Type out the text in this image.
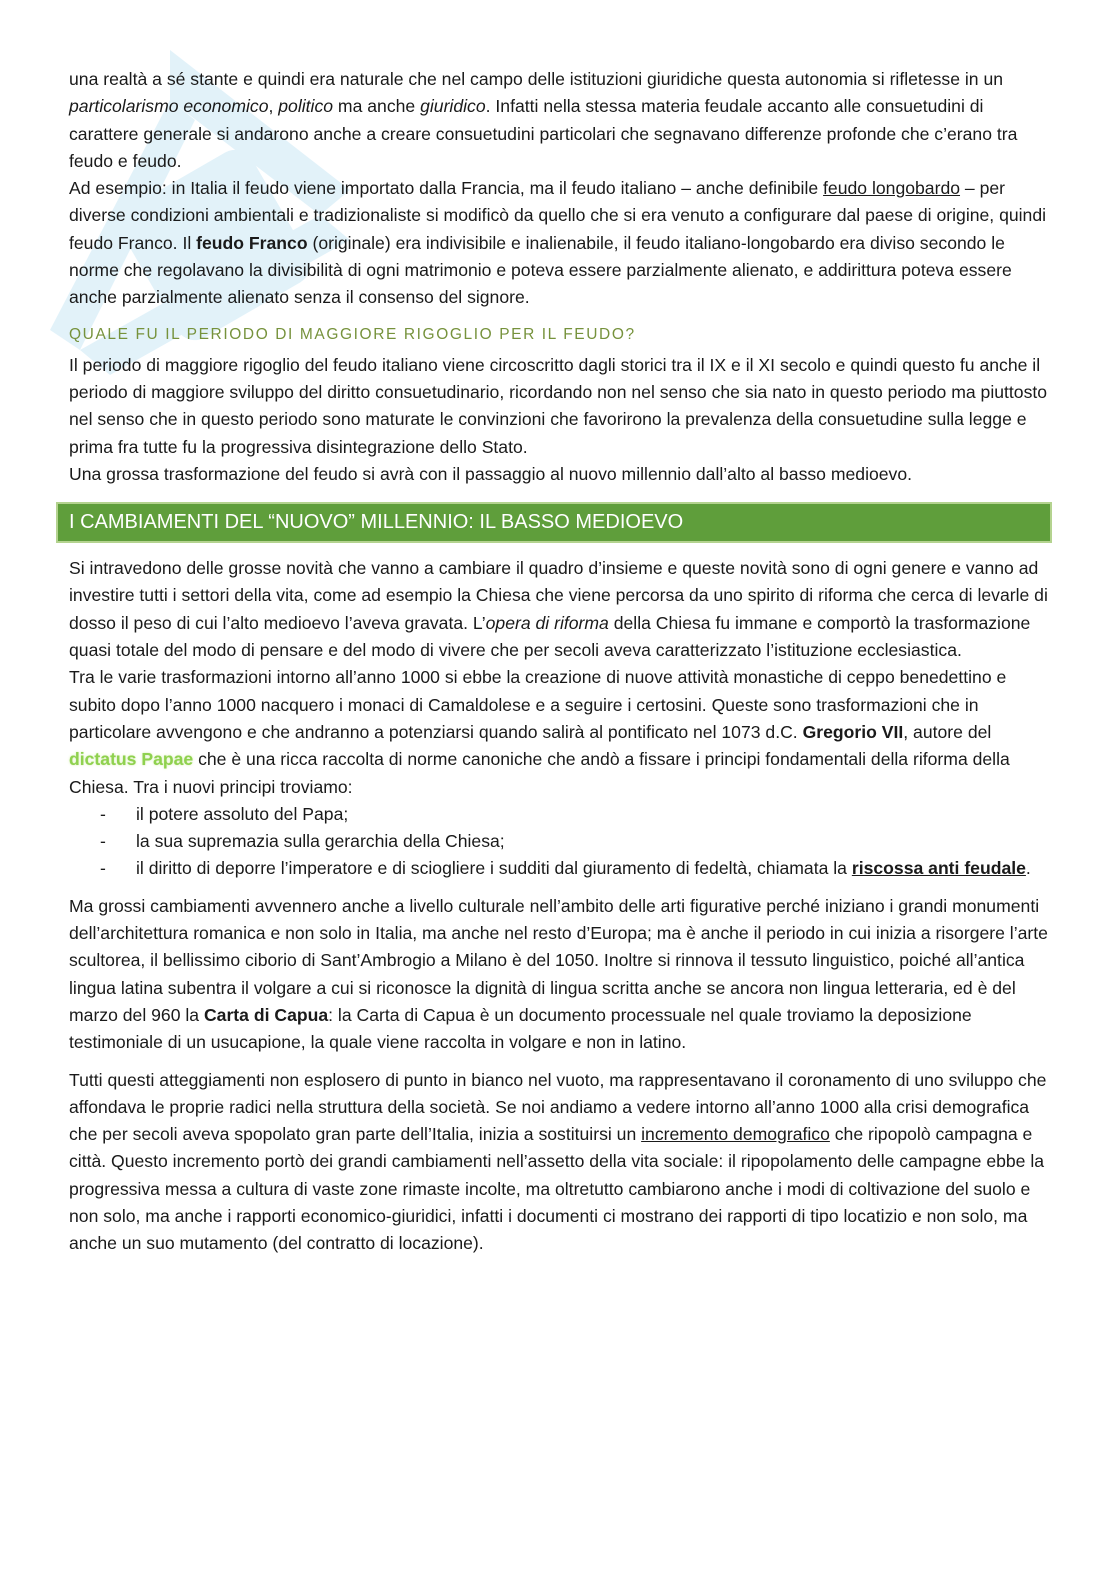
una realtà a sé stante e quindi era naturale che nel campo delle istituzioni giuridiche questa autonomia si rifletesse in un particolarismo economico, politico ma anche giuridico. Infatti nella stessa materia feudale accanto alle consuetudini di carattere generale si andarono anche a creare consuetudini particolari che segnavano differenze profonde che c’erano tra feudo e feudo.

Ad esempio: in Italia il feudo viene importato dalla Francia, ma il feudo italiano – anche definibile feudo longobardo – per diverse condizioni ambientali e tradizionaliste si modificò da quello che si era venuto a configurare dal paese di origine, quindi feudo Franco. Il feudo Franco (originale) era indivisibile e inalienabile, il feudo italiano-longobardo era diviso secondo le norme che regolavano la divisibilità di ogni matrimonio e poteva essere parzialmente alienato, e addirittura poteva essere anche parzialmente alienato senza il consenso del signore.

QUALE FU IL PERIODO DI MAGGIORE RIGOGLIO PER IL FEUDO?

Il periodo di maggiore rigoglio del feudo italiano viene circoscritto dagli storici tra il IX e il XI secolo e quindi questo fu anche il periodo di maggiore sviluppo del diritto consuetudinario, ricordando non nel senso che sia nato in questo periodo ma piuttosto nel senso che in questo periodo sono maturate le convinzioni che favorirono la prevalenza della consuetudine sulla legge e prima fra tutte fu la progressiva disintegrazione dello Stato.

Una grossa trasformazione del feudo si avrà con il passaggio al nuovo millennio dall’alto al basso medioevo.

I CAMBIAMENTI DEL “NUOVO” MILLENNIO: IL BASSO MEDIOEVO

Si intravedono delle grosse novità che vanno a cambiare il quadro d’insieme e queste novità sono di ogni genere e vanno ad investire tutti i settori della vita, come ad esempio la Chiesa che viene percorsa da uno spirito di riforma che cerca di levarle di dosso il peso di cui l’alto medioevo l’aveva gravata. L’opera di riforma della Chiesa fu immane e comportò la trasformazione quasi totale del modo di pensare e del modo di vivere che per secoli aveva caratterizzato l’istituzione ecclesiastica.

Tra le varie trasformazioni intorno all’anno 1000 si ebbe la creazione di nuove attività monastiche di ceppo benedettino e subito dopo l’anno 1000 nacquero i monaci di Camaldolese e a seguire i certosini. Queste sono trasformazioni che in particolare avvengono e che andranno a potenziarsi quando salirà al pontificato nel 1073 d.C. Gregorio VII, autore del dictatus Papae che è una ricca raccolta di norme canoniche che andò a fissare i principi fondamentali della riforma della Chiesa. Tra i nuovi principi troviamo:

- il potere assoluto del Papa;
- la sua supremazia sulla gerarchia della Chiesa;
- il diritto di deporre l’imperatore e di sciogliere i sudditi dal giuramento di fedeltà, chiamata la riscossa anti feudale.

Ma grossi cambiamenti avvennero anche a livello culturale nell’ambito delle arti figurative perché iniziano i grandi monumenti dell’architettura romanica e non solo in Italia, ma anche nel resto d’Europa; ma è anche il periodo in cui inizia a risorgere l’arte scultorea, il bellissimo ciborio di Sant’Ambrogio a Milano è del 1050. Inoltre si rinnova il tessuto linguistico, poiché all’antica lingua latina subentra il volgare a cui si riconosce la dignità di lingua scritta anche se ancora non lingua letteraria, ed è del marzo del 960 la Carta di Capua: la Carta di Capua è un documento processuale nel quale troviamo la deposizione testimoniale di un usucapione, la quale viene raccolta in volgare e non in latino.

Tutti questi atteggiamenti non esplosero di punto in bianco nel vuoto, ma rappresentavano il coronamento di uno sviluppo che affondava le proprie radici nella struttura della società. Se noi andiamo a vedere intorno all’anno 1000 alla crisi demografica che per secoli aveva spopolato gran parte dell’Italia, inizia a sostituirsi un incremento demografico che ripopolò campagna e città. Questo incremento portò dei grandi cambiamenti nell’assetto della vita sociale: il ripopolamento delle campagne ebbe la progressiva messa a cultura di vaste zone rimaste incolte, ma oltretutto cambiarono anche i modi di coltivazione del suolo e non solo, ma anche i rapporti economico-giuridici, infatti i documenti ci mostrano dei rapporti di tipo locatizio e non solo, ma anche un suo mutamento (del contratto di locazione).
